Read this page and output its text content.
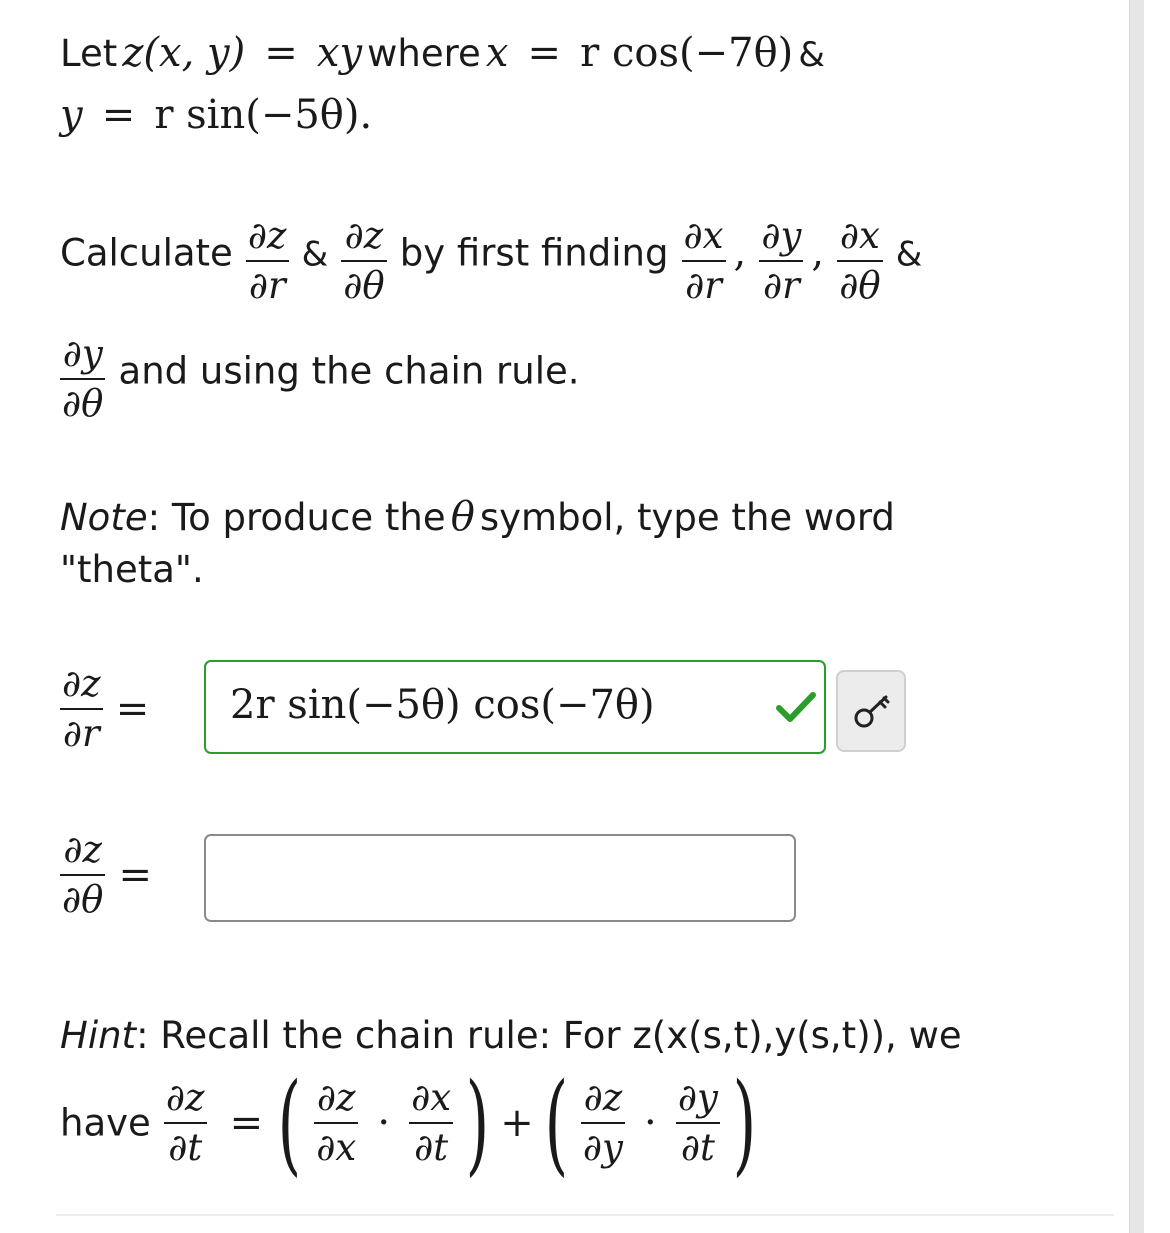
Let z(x, y) = xy where x = r cos(−7θ) &
y = r sin(−5θ).
Calculate $\frac{\partial z}{\partial r}$ & $\frac{\partial z}{\partial\theta}$ by first finding $\frac{\partial x}{\partial r}$ , $\frac{\partial y}{\partial r}$ , $\frac{\partial x}{\partial\theta}$ &
$\frac{\partial y}{\partial\theta}$ and using the chain rule.
Note: To produce the θ symbol, type the word
"theta".
$\frac{\partial z}{\partial r} = 2r$ sin(−5θ) cos(−7θ)
$\frac{\partial z}{\partial\theta}$ =
Hint: Recall the chain rule: For z(x(s,t),y(s,t)), we
have $\frac{\partial z}{\partial t}$ = ( $\frac{\partial z}{\partial x} \cdot \frac{\partial x}{\partial t}$ ) + ( $\frac{\partial z}{\partial y} \cdot \frac{\partial y}{\partial t}$ )
